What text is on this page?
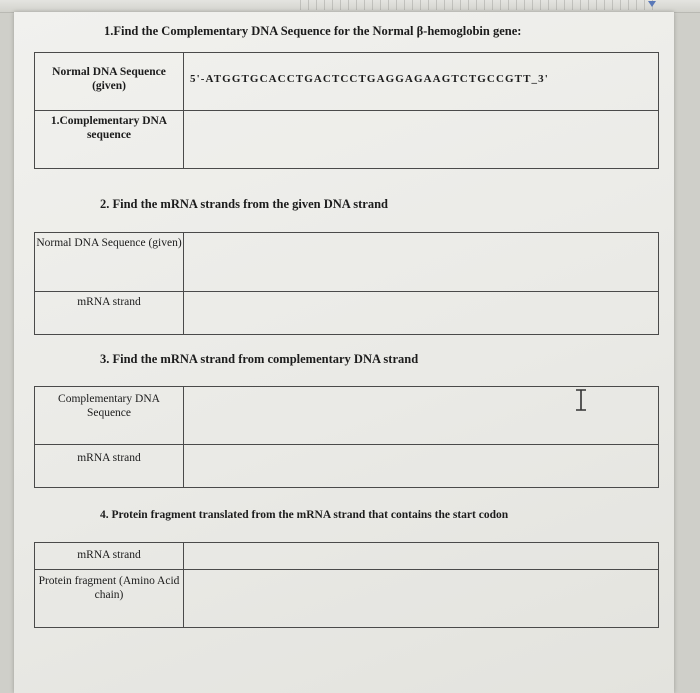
1.Find the Complementary DNA Sequence for the Normal β-hemoglobin gene:
Normal DNA Sequence (given)	5'-ATGGTGCACCTGACTCCTGAGGAGAAGTCTGCCGTT_3'
1.Complementary DNA sequence	
2. Find the mRNA strands from the given DNA strand
Normal DNA Sequence (given)	
mRNA strand	
3. Find the mRNA strand from complementary DNA strand
Complementary DNA Sequence	
mRNA strand	
4. Protein fragment translated from the mRNA strand that contains the start codon
mRNA strand	
Protein fragment (Amino Acid chain)	
